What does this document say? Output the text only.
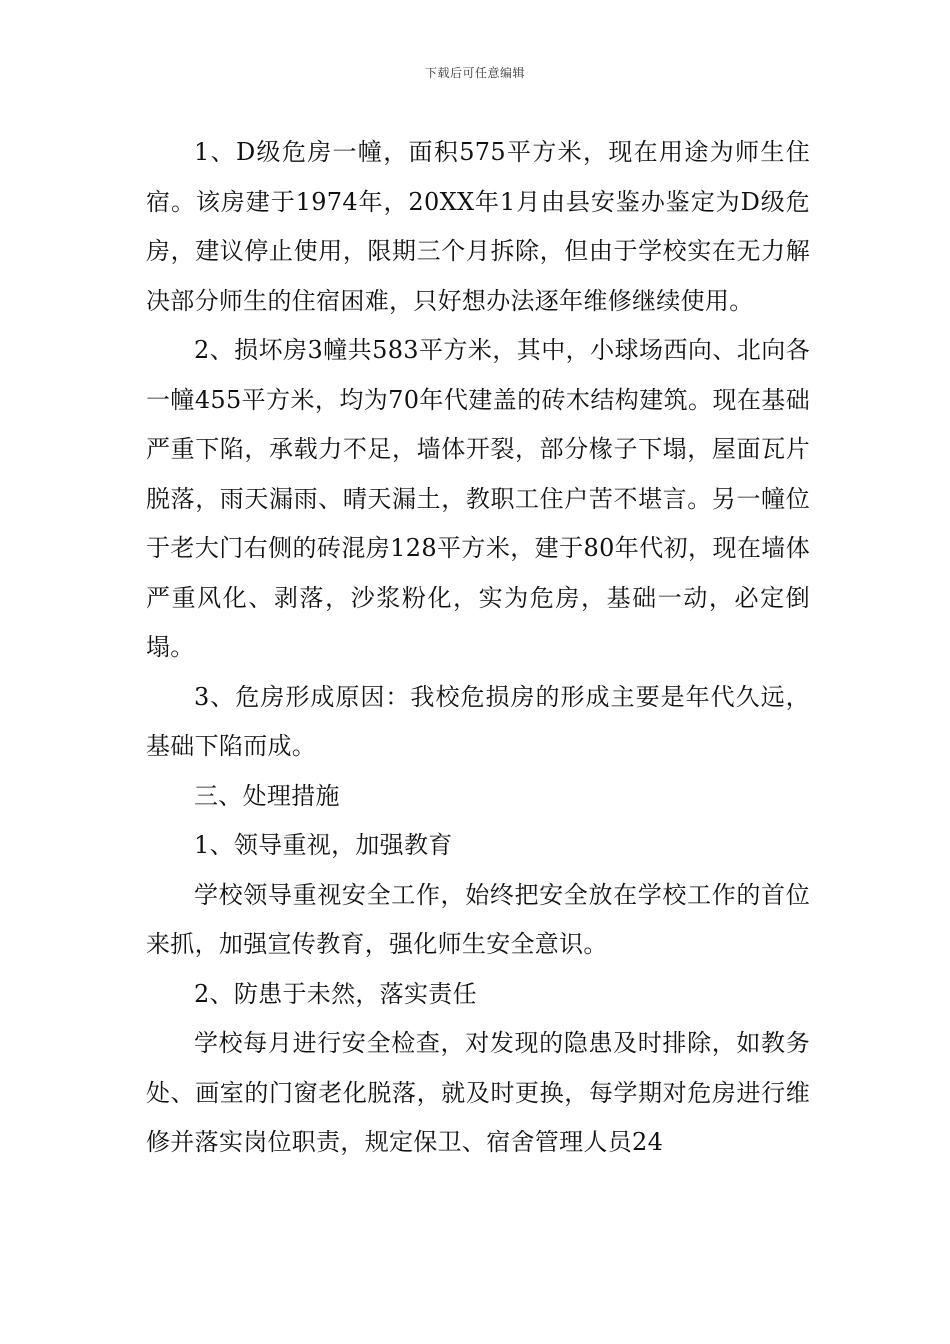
下载后可任意编辑

1、D级危房一幢，面积575平方米，现在用途为师生住宿。该房建于1974年，20XX年1月由县安鉴办鉴定为D级危房，建议停止使用，限期三个月拆除，但由于学校实在无力解决部分师生的住宿困难，只好想办法逐年维修继续使用。

2、损坏房3幢共583平方米，其中，小球场西向、北向各一幢455平方米，均为70年代建盖的砖木结构建筑。现在基础严重下陷，承载力不足，墙体开裂，部分椽子下塌，屋面瓦片脱落，雨天漏雨、晴天漏土，教职工住户苦不堪言。另一幢位于老大门右侧的砖混房128平方米，建于80年代初，现在墙体严重风化、剥落，沙浆粉化，实为危房，基础一动，必定倒塌。

3、危房形成原因：我校危损房的形成主要是年代久远，基础下陷而成。

三、处理措施

1、领导重视，加强教育

学校领导重视安全工作，始终把安全放在学校工作的首位来抓，加强宣传教育，强化师生安全意识。

2、防患于未然，落实责任

学校每月进行安全检查，对发现的隐患及时排除，如教务处、画室的门窗老化脱落，就及时更换，每学期对危房进行维修并落实岗位职责，规定保卫、宿舍管理人员24
